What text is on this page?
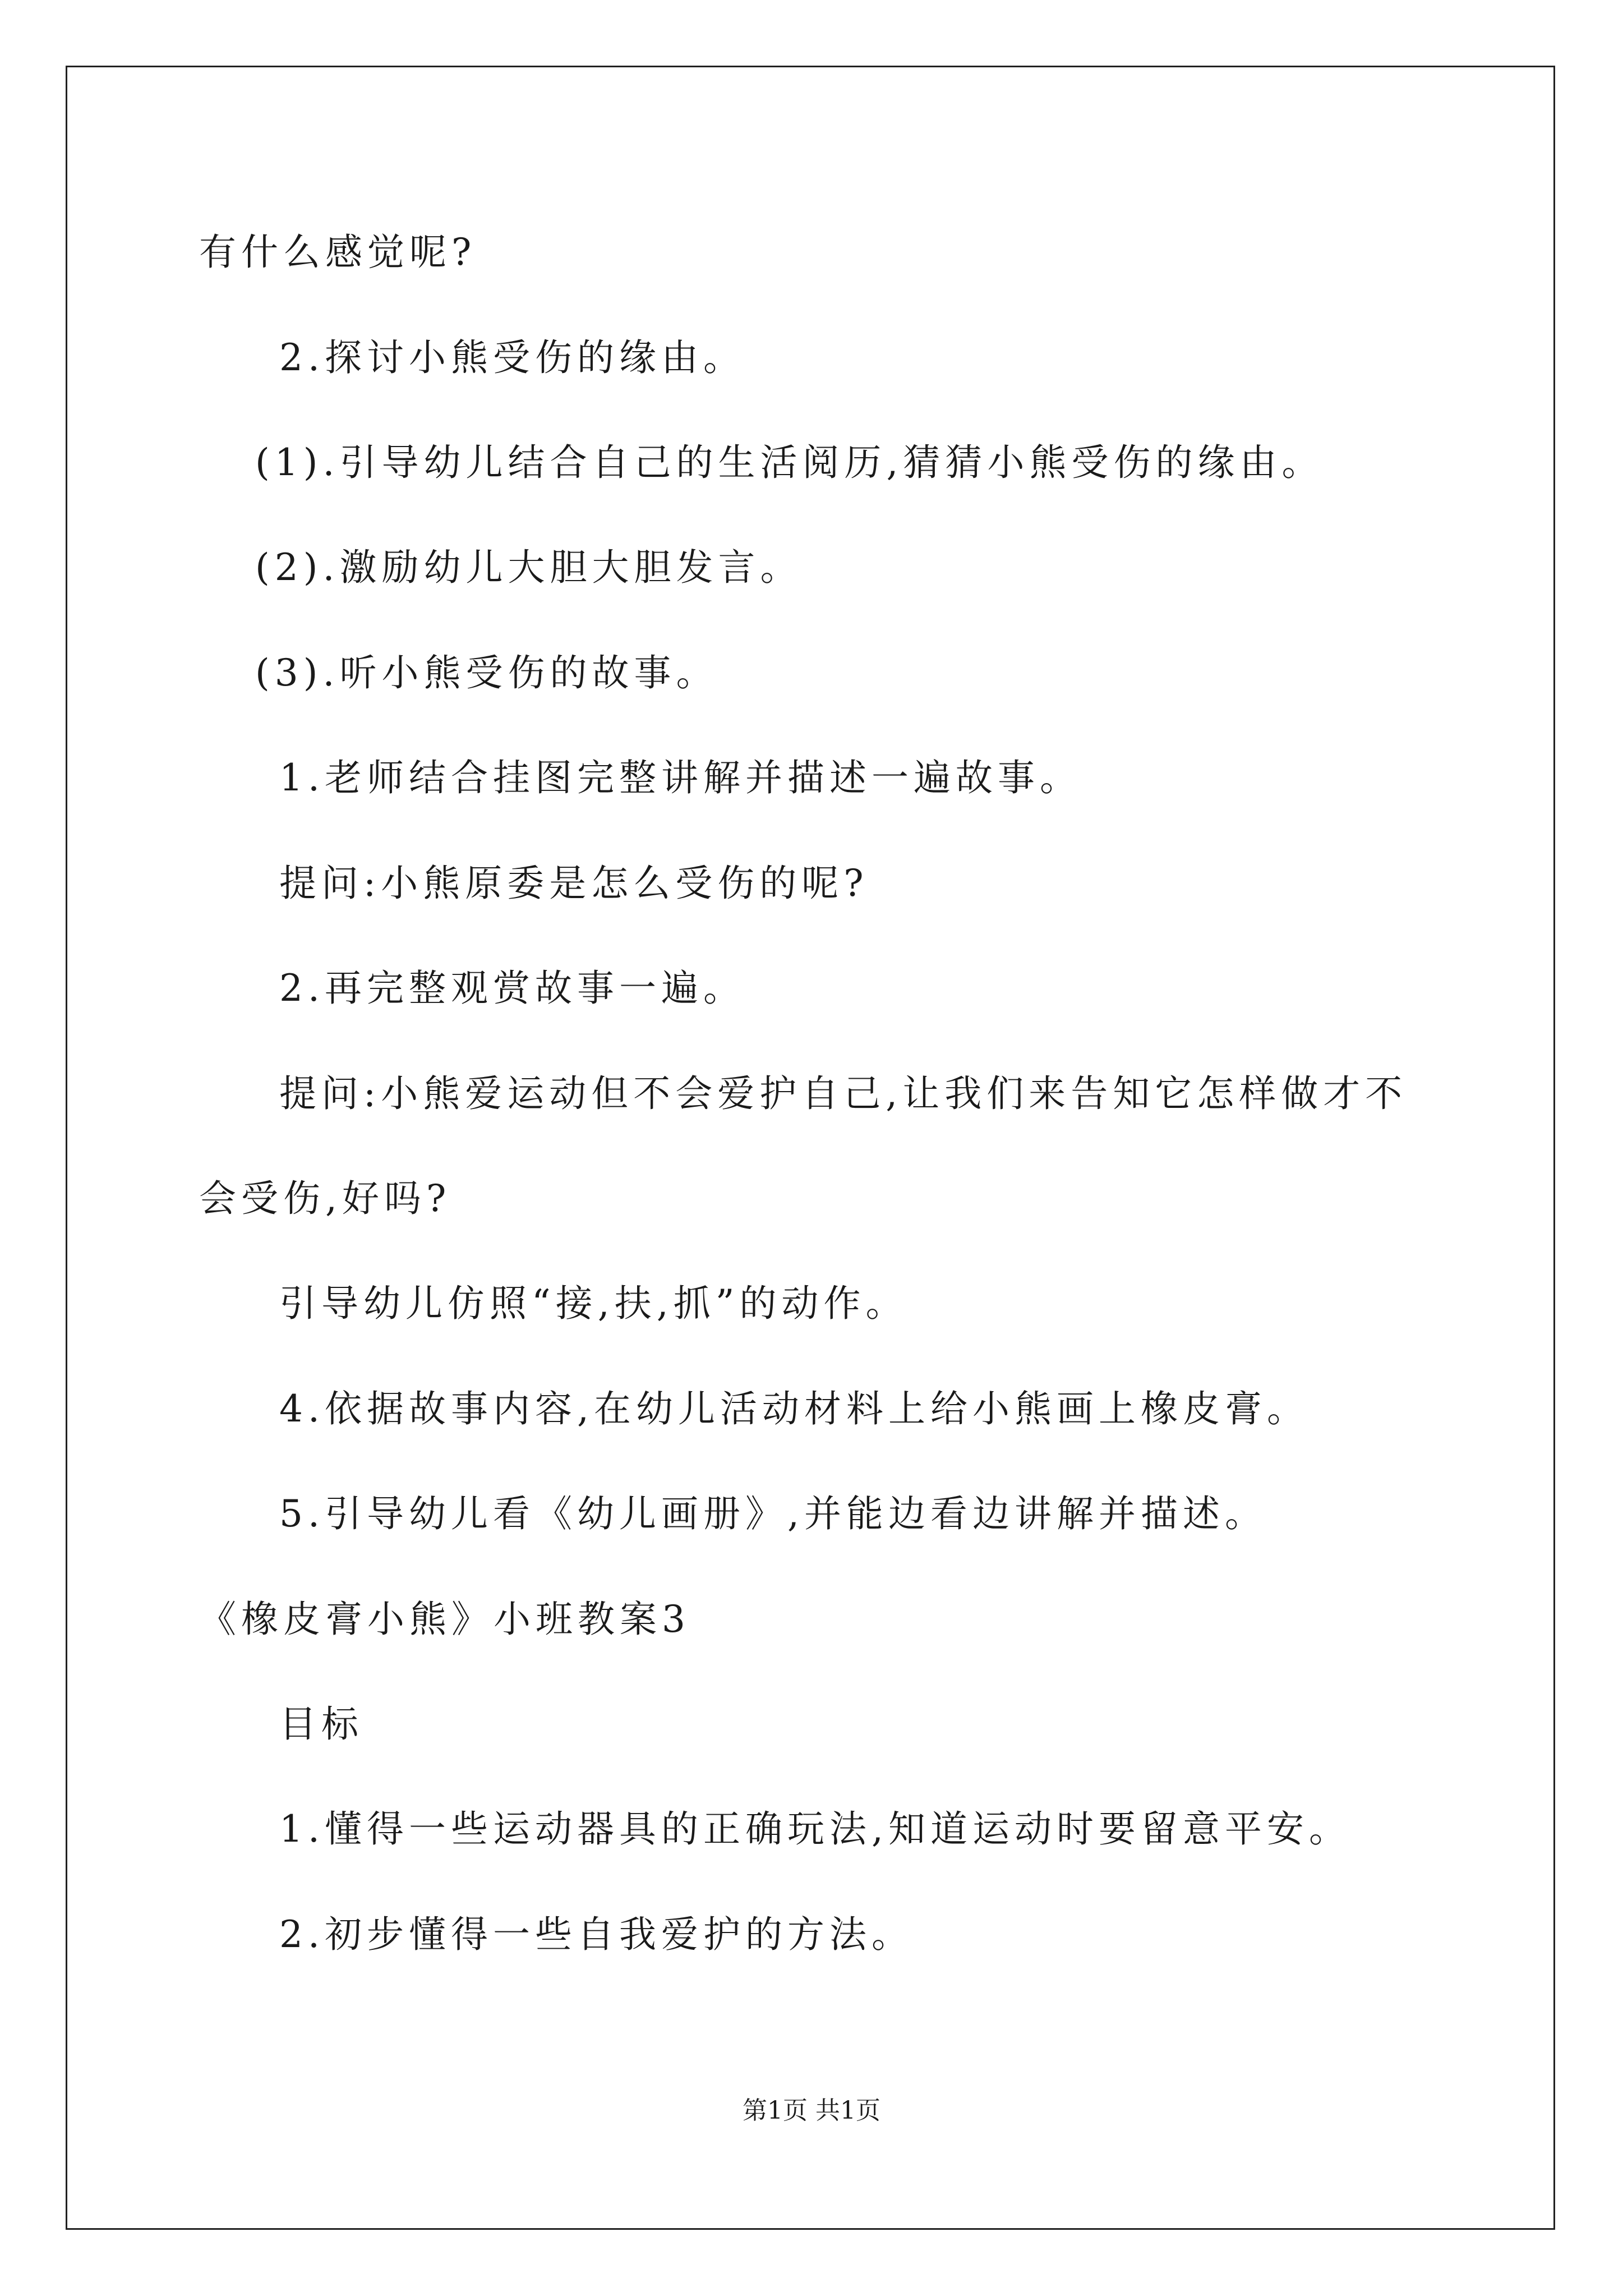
有什么感觉呢?
2.探讨小熊受伤的缘由。
(1).引导幼儿结合自己的生活阅历,猜猜小熊受伤的缘由。
(2).激励幼儿大胆大胆发言。
(3).听小熊受伤的故事。
1.老师结合挂图完整讲解并描述一遍故事。
提问:小熊原委是怎么受伤的呢?
2.再完整观赏故事一遍。
提问:小熊爱运动但不会爱护自己,让我们来告知它怎样做才不
会受伤,好吗?
引导幼儿仿照“接,扶,抓”的动作。
4.依据故事内容,在幼儿活动材料上给小熊画上橡皮膏。
5.引导幼儿看《幼儿画册》,并能边看边讲解并描述。
《橡皮膏小熊》小班教案3
目标
1.懂得一些运动器具的正确玩法,知道运动时要留意平安。
2.初步懂得一些自我爱护的方法。
第1页 共1页
